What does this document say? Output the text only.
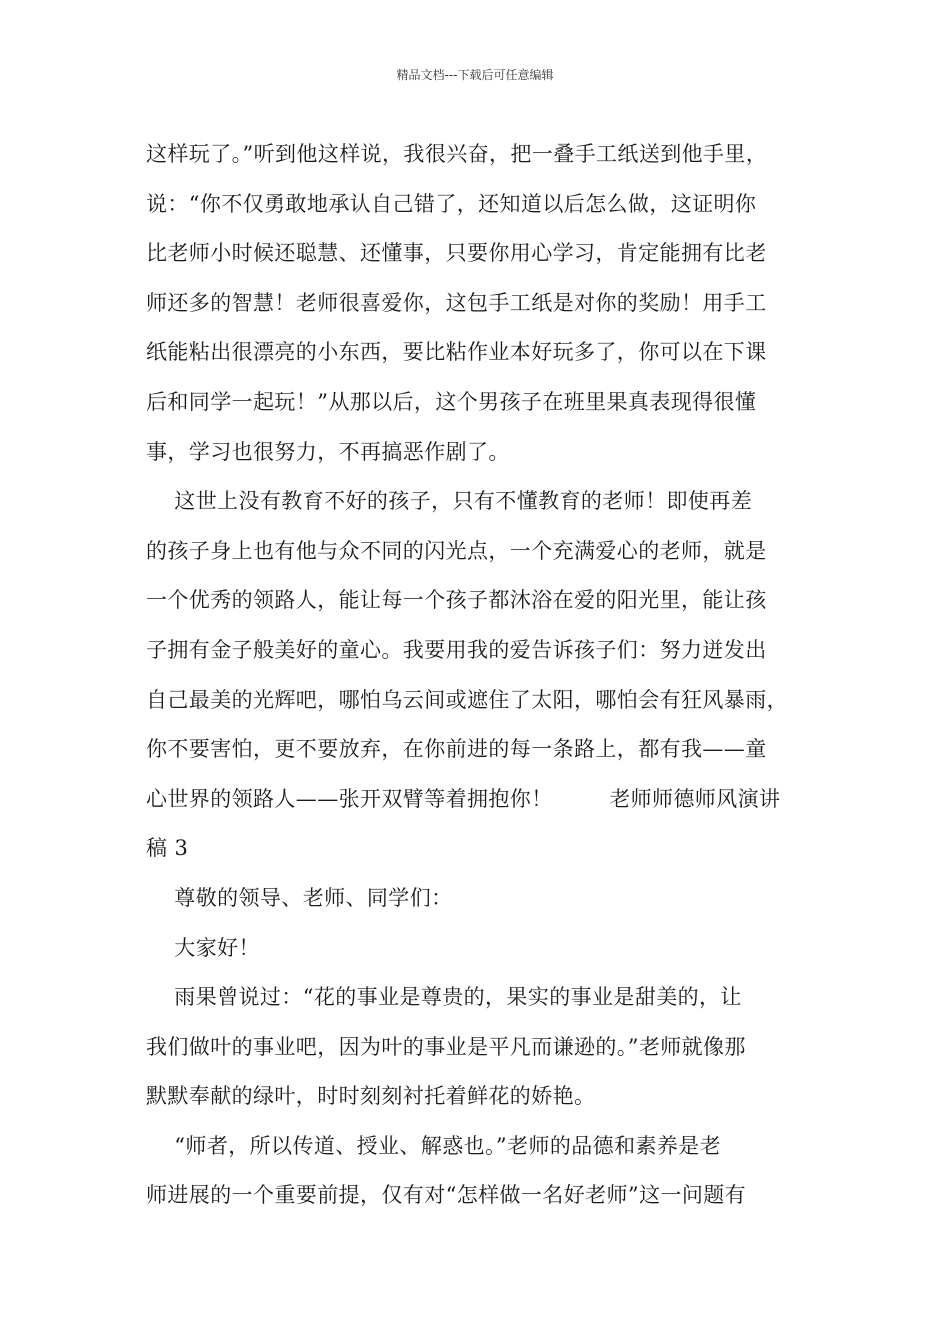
精品文档---下载后可任意编辑
这样玩了。”听到他这样说，我很兴奋，把一叠手工纸送到他手里，
说：“你不仅勇敢地承认自己错了，还知道以后怎么做，这证明你
比老师小时候还聪慧、还懂事，只要你用心学习，肯定能拥有比老
师还多的智慧！老师很喜爱你，这包手工纸是对你的奖励！用手工
纸能粘出很漂亮的小东西，要比粘作业本好玩多了，你可以在下课
后和同学一起玩！”从那以后，这个男孩子在班里果真表现得很懂
事，学习也很努力，不再搞恶作剧了。
这世上没有教育不好的孩子，只有不懂教育的老师！即使再差
的孩子身上也有他与众不同的闪光点，一个充满爱心的老师，就是
一个优秀的领路人，能让每一个孩子都沐浴在爱的阳光里，能让孩
子拥有金子般美好的童心。我要用我的爱告诉孩子们：努力迸发出
自己最美的光辉吧，哪怕乌云间或遮住了太阳，哪怕会有狂风暴雨，
你不要害怕，更不要放弃，在你前进的每一条路上，都有我——童
心世界的领路人——张开双臂等着拥抱你！        老师师德师风演讲
稿 3
尊敬的领导、老师、同学们：
大家好！
雨果曾说过：“花的事业是尊贵的，果实的事业是甜美的，让
我们做叶的事业吧，因为叶的事业是平凡而谦逊的。”老师就像那
默默奉献的绿叶，时时刻刻衬托着鲜花的娇艳。
“师者，所以传道、授业、解惑也。”老师的品德和素养是老
师进展的一个重要前提，仅有对“怎样做一名好老师”这一问题有
